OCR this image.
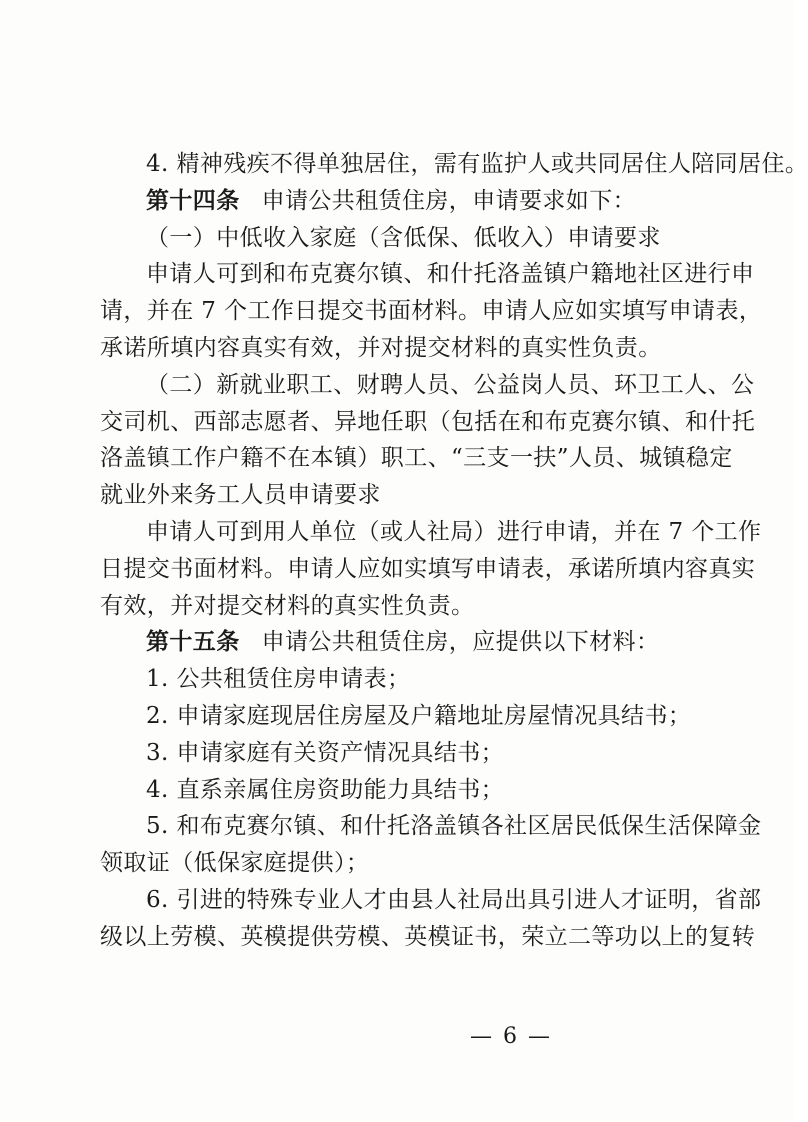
4. 精神残疾不得单独居住，需有监护人或共同居住人陪同居住。
第十四条 申请公共租赁住房，申请要求如下：
（一）中低收入家庭（含低保、低收入）申请要求
申请人可到和布克赛尔镇、和什托洛盖镇户籍地社区进行申
请，并在 7 个工作日提交书面材料。申请人应如实填写申请表，
承诺所填内容真实有效，并对提交材料的真实性负责。
（二）新就业职工、财聘人员、公益岗人员、环卫工人、公
交司机、西部志愿者、异地任职（包括在和布克赛尔镇、和什托
洛盖镇工作户籍不在本镇）职工、“三支一扶”人员、城镇稳定
就业外来务工人员申请要求
申请人可到用人单位（或人社局）进行申请，并在 7 个工作
日提交书面材料。申请人应如实填写申请表，承诺所填内容真实
有效，并对提交材料的真实性负责。
第十五条 申请公共租赁住房，应提供以下材料：
1. 公共租赁住房申请表；
2. 申请家庭现居住房屋及户籍地址房屋情况具结书；
3. 申请家庭有关资产情况具结书；
4. 直系亲属住房资助能力具结书；
5. 和布克赛尔镇、和什托洛盖镇各社区居民低保生活保障金
领取证（低保家庭提供）；
6. 引进的特殊专业人才由县人社局出具引进人才证明，省部
级以上劳模、英模提供劳模、英模证书，荣立二等功以上的复转
— 6 —
